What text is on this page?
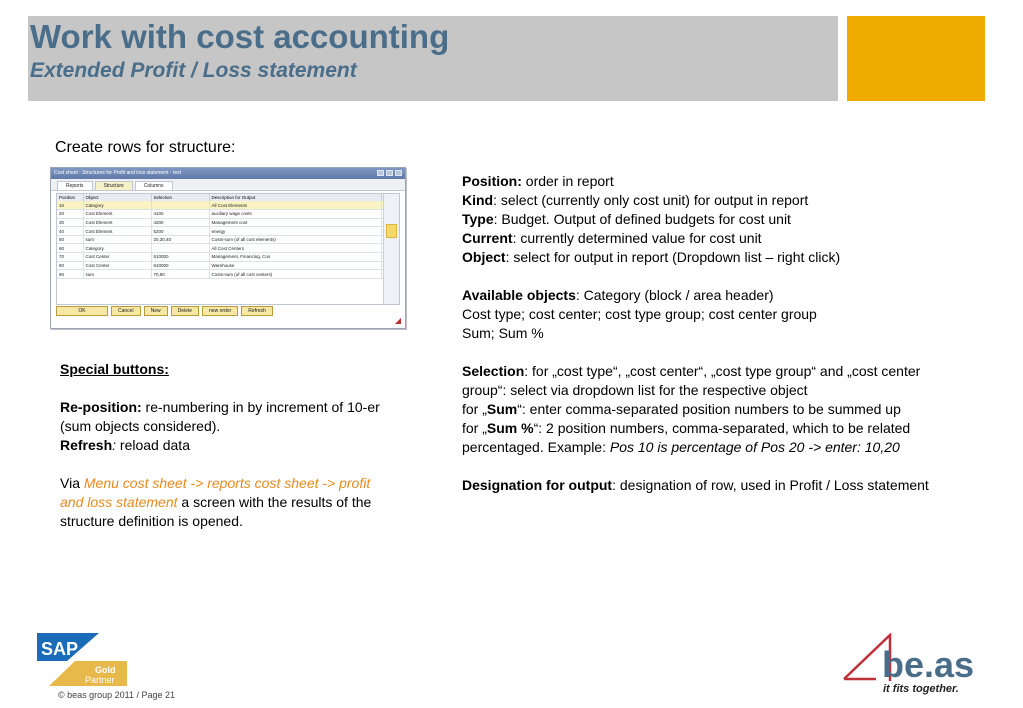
Work with cost accounting
Extended Profit / Loss statement
Create rows for structure:
Cost sheet : Structures for Profit and loss statement - test
Reports	Structure	Columns
Position	Object	Selection	Description for Output	
10	Category		All Cost Elements	
20	Cost Element	4100	auxiliary wage costs	
30	Cost Element	4200	Management cost	
40	Cost Element	5200	energy	
50	sum	20,30,40	Costs-sum (of all cost elements)	
60	Category		All Cost Centers	
70	Cost Center	510000	Management, Financing, Cos	
80	Cost Center	610000	Warehouse	
90	sum	70,80	Costs-sum (of all cost centers)	
OK	Cancel	New	Delete	new order	Refresh
◢

Special buttons:

Re-position: re-numbering in by increment of 10-er (sum objects considered).

Refresh: reload data

Via Menu cost sheet -> reports cost sheet -> profit and loss statement a screen with the results of the structure definition is opened.

Position: order in report

Kind: select (currently only cost unit) for output in report

Type: Budget. Output of defined budgets for cost unit

Current: currently determined value for cost unit

Object: select for output in report (Dropdown list – right click)

Available objects: Category (block / area header)

Cost type; cost center; cost type group; cost center group

Sum; Sum %

Selection: for „cost type“, „cost center“, „cost type group“ and „cost center group“: select via dropdown list for the respective object

for „Sum“: enter comma-separated position numbers to be summed up

for „Sum %“: 2 position numbers, comma-separated, which to be related percentaged. Example: Pos 10 is percentage of Pos 20 -> enter: 10,20

Designation for output: designation of row, used in Profit / Loss statement

SAP
Gold
Partner
© beas group 2011 / Page 21
be.as
it fits together.
